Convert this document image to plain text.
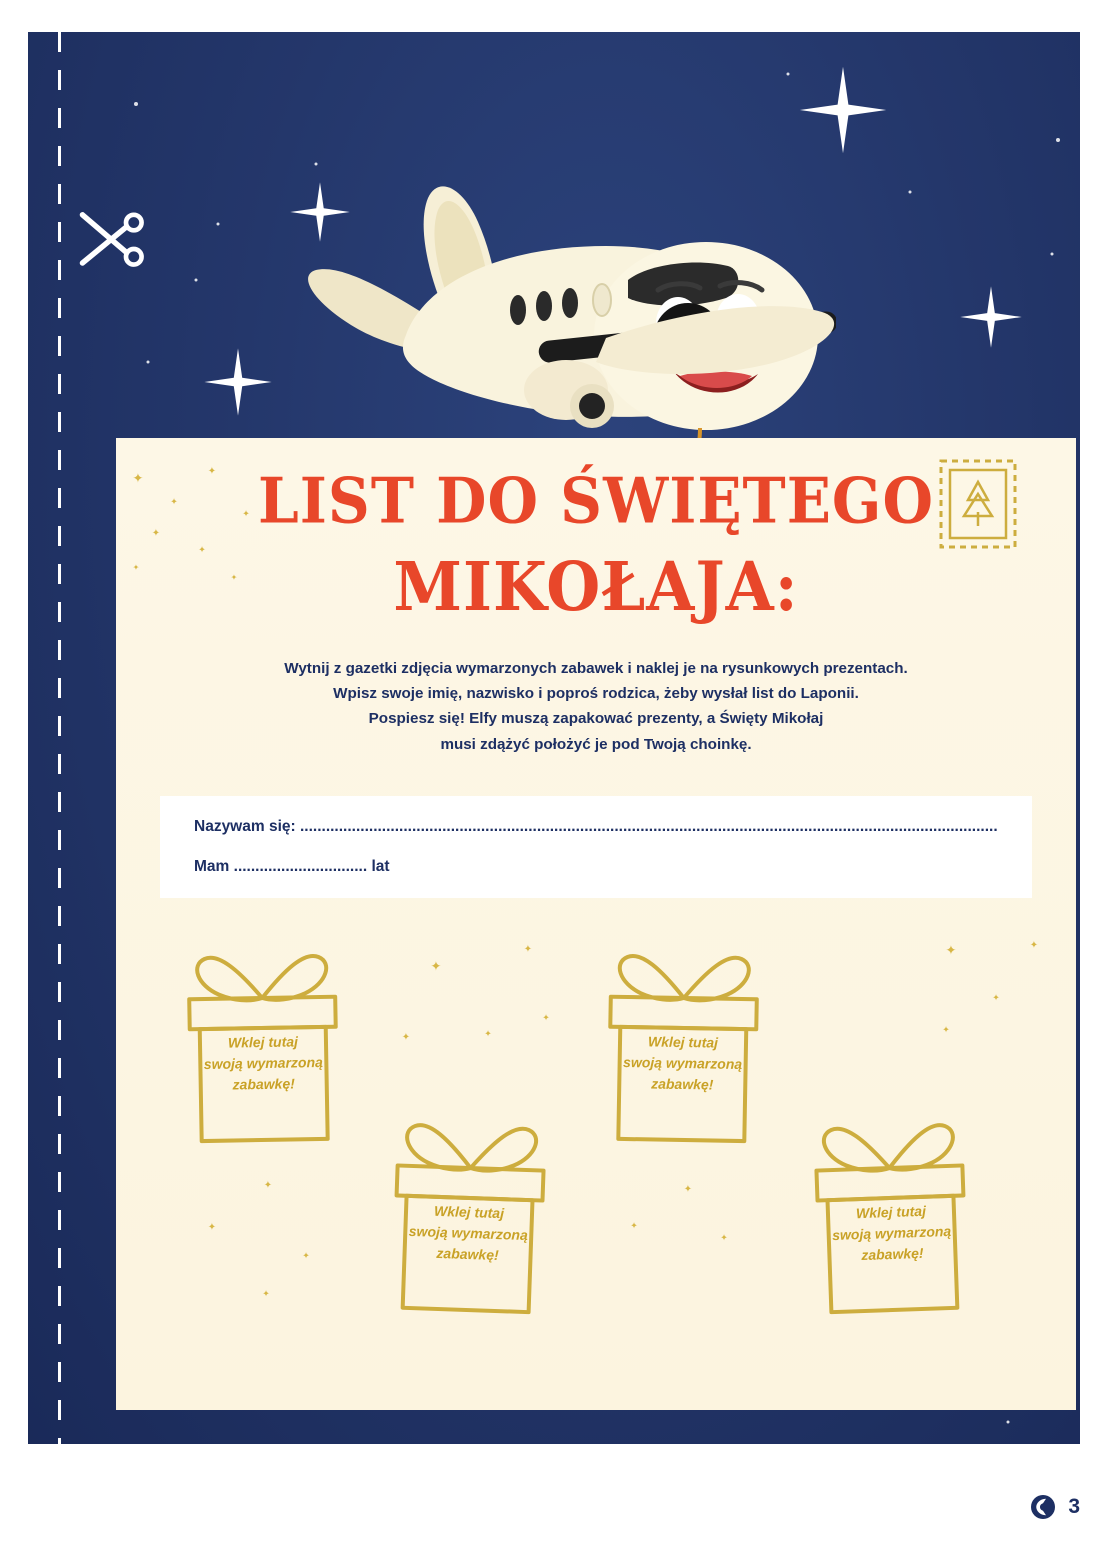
✦
✦
✦
✦
✦
✦
✦
✦
LIST DO ŚWIĘTEGO
MIKOŁAJA:
Wytnij z gazetki zdjęcia wymarzonych zabawek i naklej je na rysunkowych prezentach.
Wpisz swoje imię, nazwisko i poproś rodzica, żeby wysłał list do Laponii.
Pospiesz się! Elfy muszą zapakować prezenty, a Święty Mikołaj
musi zdążyć położyć je pod Twoją choinkę.
Nazywam się: ..................................................................................................................................................................
Mam ............................... lat
Wklej tutaj
swoją wymarzoną
zabawkę!
Wklej tutaj
swoją wymarzoną
zabawkę!
Wklej tutaj
swoją wymarzoną
zabawkę!
Wklej tutaj
swoją wymarzoną
zabawkę!
✦
✦
✦	✦
✦
✦	✦
✦
✦
✦
✦
✦
✦
✦
✦
✦
3
